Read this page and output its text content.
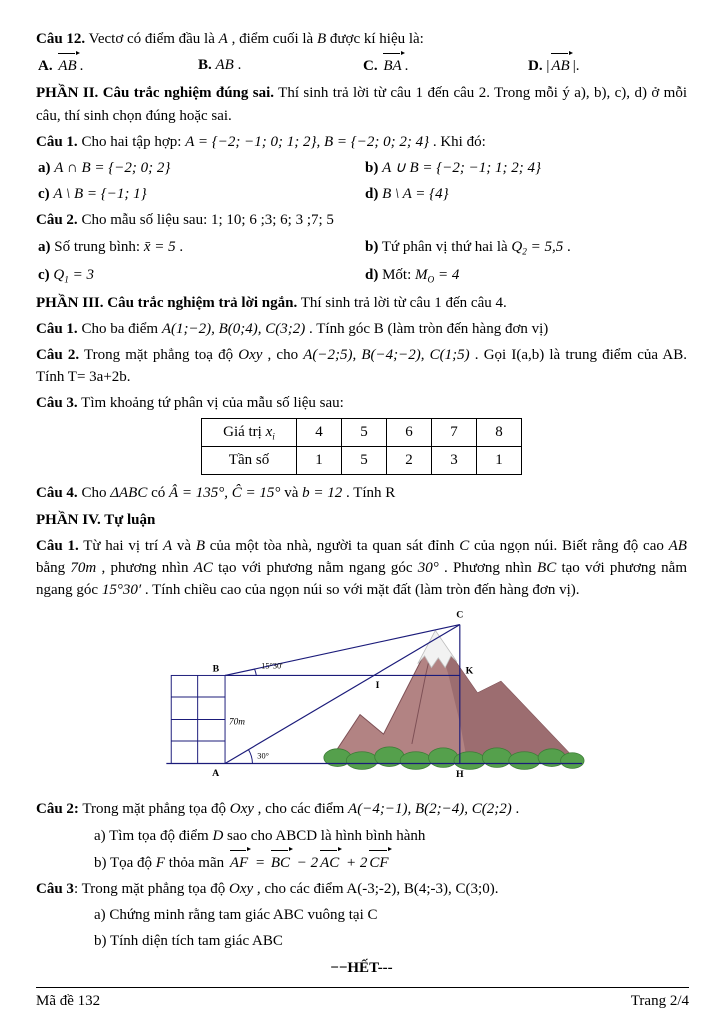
Câu 12. Vectơ có điểm đầu là A , điểm cuối là B được kí hiệu là:
A. AB .	B. AB .	C. BA .	D. | AB |.
PHẦN II. Câu trắc nghiệm đúng sai. Thí sinh trả lời từ câu 1 đến câu 2. Trong mỗi ý a), b), c), d) ở mỗi câu, thí sinh chọn đúng hoặc sai.
Câu 1. Cho hai tập hợp: A = {−2; −1; 0; 1; 2}, B = {−2; 0; 2; 4} . Khi đó:
a) A ∩ B = {−2; 0; 2}	b) A ∪ B = {−2; −1; 1; 2; 4}
c) A \ B = {−1; 1}	d) B \ A = {4}
Câu 2. Cho mẫu số liệu sau: 1; 10; 6 ;3; 6; 3 ;7; 5
a) Số trung bình: x̄ = 5 .	b) Tứ phân vị thứ hai là $Q_2 = 5,5$ .
c) $Q_1 = 3$	d) Mốt: $M_O = 4$
PHẦN III. Câu trắc nghiệm trả lời ngắn. Thí sinh trả lời từ câu 1 đến câu 4.
Câu 1. Cho ba điểm A(1;−2), B(0;4), C(3;2) . Tính góc B (làm tròn đến hàng đơn vị)
Câu 2. Trong mặt phẳng toạ độ Oxy , cho A(−2;5), B(−4;−2), C(1;5) . Gọi I(a,b) là trung điểm của AB. Tính T= 3a+2b.
Câu 3. Tìm khoảng tứ phân vị của mẫu số liệu sau:
Giá trị $x_i$	4	5	6	7	8
Tần số	1	5	2	3	1
Câu 4. Cho ΔABC có Â = 135°, Ĉ = 15° và b = 12 . Tính R
PHẦN IV. Tự luận
Câu 1. Từ hai vị trí A và B của một tòa nhà, người ta quan sát đỉnh C của ngọn núi. Biết rằng độ cao AB bằng 70m , phương nhìn AC tạo với phương nằm ngang góc 30° . Phương nhìn BC tạo với phương nằm ngang góc 15°30′ . Tính chiều cao của ngọn núi so với mặt đất (làm tròn đến hàng đơn vị).
C
B	K
I
A	H
15°30'
30°
70m
Câu 2: Trong mặt phẳng tọa độ Oxy , cho các điểm A(−4;−1), B(2;−4), C(2;2) .
a) Tìm tọa độ điểm D sao cho ABCD là hình bình hành
b) Tọa độ F thỏa mãn AF = BC − 2 AC + 2 CF
Câu 3: Trong mặt phẳng tọa độ Oxy , cho các điểm A(-3;-2), B(4;-3), C(3;0).
a) Chứng minh rằng tam giác ABC vuông tại C
b) Tính diện tích tam giác ABC
−−HẾT---
Mã đề 132	Trang 2/4
